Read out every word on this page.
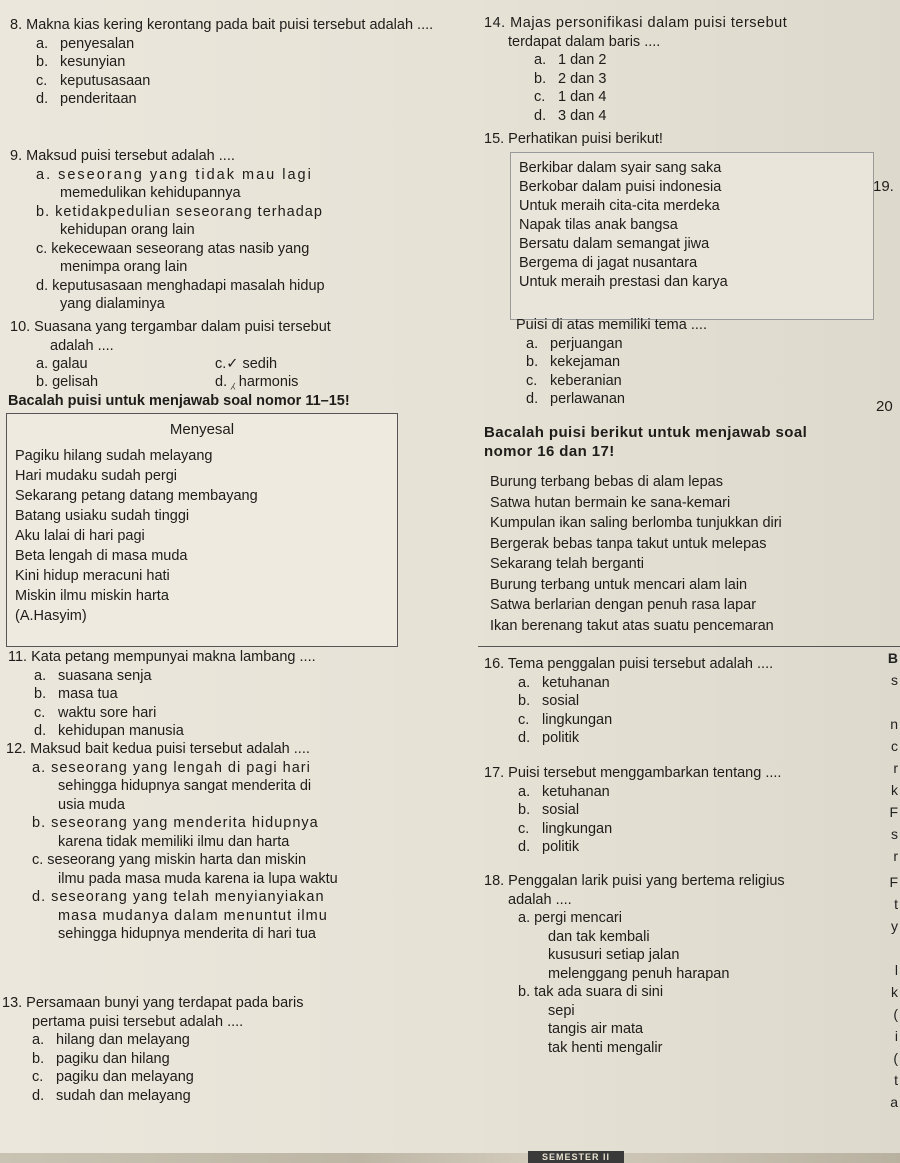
8. Makna kias kering kerontang pada bait puisi tersebut adalah ....
a. penyesalan
b. kesunyian
c. keputusasaan
d. penderitaan
9. Maksud puisi tersebut adalah ....
a. seseorang yang tidak mau lagi
memedulikan kehidupannya
b. ketidakpedulian seseorang terhadap
kehidupan orang lain
c. kekecewaan seseorang atas nasib yang
menimpa orang lain
d. keputusasaan menghadapi masalah hidup
yang dialaminya
10. Suasana yang tergambar dalam puisi tersebut
adalah ....
a. galau
b. gelisah
c.✓ sedih
d. ⁁ harmonis
Bacalah puisi untuk menjawab soal nomor 11–15!
Menyesal
Pagiku hilang sudah melayang
Hari mudaku sudah pergi
Sekarang petang datang membayang
Batang usiaku sudah tinggi
Aku lalai di hari pagi
Beta lengah di masa muda
Kini hidup meracuni hati
Miskin ilmu miskin harta
(A.Hasyim)
11. Kata petang mempunyai makna lambang ....
a. suasana senja
b. masa tua
c. waktu sore hari
d. kehidupan manusia
12. Maksud bait kedua puisi tersebut adalah ....
a. seseorang yang lengah di pagi hari
sehingga hidupnya sangat menderita di
usia muda
b. seseorang yang menderita hidupnya
karena tidak memiliki ilmu dan harta
c. seseorang yang miskin harta dan miskin
ilmu pada masa muda karena ia lupa waktu
d. seseorang yang telah menyianyiakan
masa mudanya dalam menuntut ilmu
sehingga hidupnya menderita di hari tua
13. Persamaan bunyi yang terdapat pada baris
pertama puisi tersebut adalah ....
a. hilang dan melayang
b. pagiku dan hilang
c. pagiku dan melayang
d. sudah dan melayang
14. Majas personifikasi dalam puisi tersebut
terdapat dalam baris ....
a. 1 dan 2
b. 2 dan 3
c. 1 dan 4
d. 3 dan 4
15. Perhatikan puisi berikut!
Berkibar dalam syair sang saka
Berkobar dalam puisi indonesia
Untuk meraih cita-cita merdeka
Napak tilas anak bangsa
Bersatu dalam semangat jiwa
Bergema di jagat nusantara
Untuk meraih prestasi dan karya
Puisi di atas memiliki tema ....
a. perjuangan
b. kekejaman
c. keberanian
d. perlawanan
19.
20
Bacalah puisi berikut untuk menjawab soal
nomor 16 dan 17!
Burung terbang bebas di alam lepas
Satwa hutan bermain ke sana-kemari
Kumpulan ikan saling berlomba tunjukkan diri
Bergerak bebas tanpa takut untuk melepas
Sekarang telah berganti
Burung terbang untuk mencari alam lain
Satwa berlarian dengan penuh rasa lapar
Ikan berenang takut atas suatu pencemaran
16. Tema penggalan puisi tersebut adalah ....
a. ketuhanan
b. sosial
c. lingkungan
d. politik
17. Puisi tersebut menggambarkan tentang ....
a. ketuhanan
b. sosial
c. lingkungan
d. politik
18. Penggalan larik puisi yang bertema religius
adalah ....
a. pergi mencari
dan tak kembali
kususuri setiap jalan
melenggang penuh harapan
b. tak ada suara di sini
sepi
tangis air mata
tak henti mengalir
B
s
n
c
r
k
F
s
r
F
t
y
l
k
(
i
(
t
a
SEMESTER II
